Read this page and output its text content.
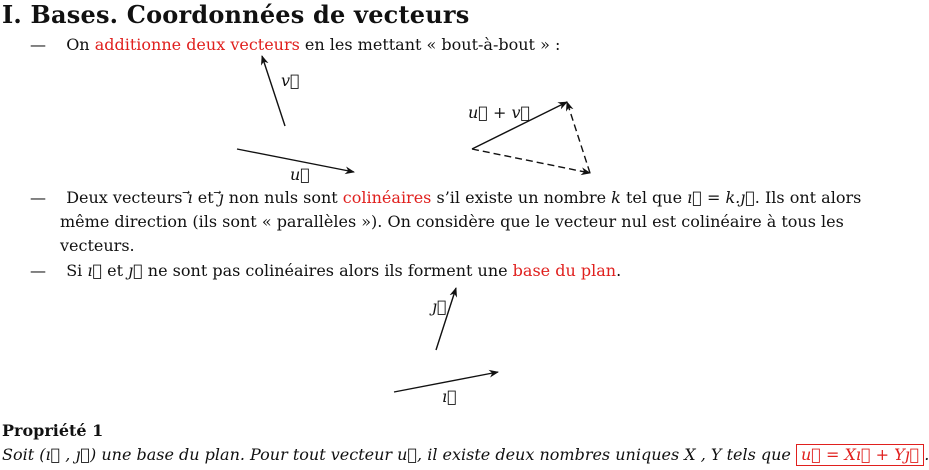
I. Bases. Coordonnées de vecteurs
— On additionne deux vecteurs en les mettant « bout-à-bout » :
— Deux vecteurs ⃗ı et ⃗ȷ non nuls sont colinéaires s’il existe un nombre k tel que ı⃗ = k.ȷ⃗. Ils ont alors
même direction (ils sont « parallèles »). On considère que le vecteur nul est colinéaire à tous les
vecteurs.
— Si ı⃗ et ȷ⃗ ne sont pas colinéaires alors ils forment une base du plan.
v⃗
u⃗
u⃗ + v⃗
ȷ⃗
ı⃗
Propriété 1
Soit (ı⃗ , ȷ⃗) une base du plan. Pour tout vecteur u⃗, il existe deux nombres uniques X , Y tels que u⃗ = Xı⃗ + Yȷ⃗ .
